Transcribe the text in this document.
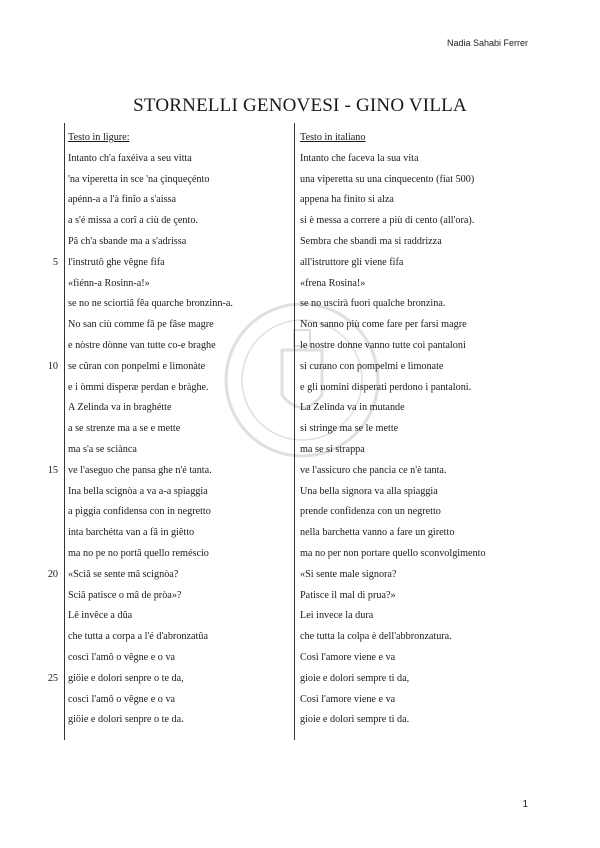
Nadia Sahabi Ferrer
STORNELLI GENOVESI - GINO VILLA
5
10
15
20
25
Testo in ligure:
Intanto ch'a faxéiva a seu vitta
'na viperetta in sce 'na çinqueçénto
apénn-a a l'à finîo a s'aissa
a s'é missa a corî a ciù de çento.
Pâ ch'a sbande ma a s'adrissa
l'instrutô ghe vêgne fifa
«fiénn-a Rosinn-a!»
se no ne sciortiâ fêa quarche bronzinn-a.
No san ciù comme fâ pe fâse magre
e nòstre dònne van tutte co-e braghe
se cûran con ponpelmi e limonàte
e i òmmi disperæ perdan e bràghe.
A Zelinda va in braghétte
a se strenze ma a se e mette
ma s'a se sciànca
ve l'aseguo che pansa ghe n'é tanta.
Ina bella scignòa a va a-a spiaggia
a piggia confidensa con in negretto
inta barchétta van a fâ in giêtto
ma no pe no portâ quello reméscio
«Sciâ se sente mâ scignòa?
Sciâ patisce o mâ de pròa»?
Lê invêce a dûa
che tutta a corpa a l'é d'abronzatûa
coscì l'amô o vêgne e o va
giöie e dolori senpre o te da,
coscì l'amô o vêgne e o va
giöie e dolori senpre o te da.
Testo in italiano
Intanto che faceva la sua vita
una viperetta su una cinquecento (fiat 500)
appena ha finito si alza
si è messa a correre a più di cento (all'ora).
Sembra che sbandi ma si raddrizza
all'istruttore gli viene fifa
«frena Rosina!»
se no uscirà fuori qualche bronzina.
Non sanno più come fare per farsi magre
le nostre donne vanno tutte coi pantaloni
si curano con pompelmi e limonate
e gli uomini disperati perdono i pantaloni.
La Zelinda va in mutande
si stringe ma se le mette
ma se si strappa
ve l'assicuro che pancia ce n'è tanta.
Una bella signora va alla spiaggia
prende confidenza con un negretto
nella barchetta vanno a fare un giretto
ma no per non portare quello sconvolgimento
«Si sente male signora?
Patisce il mal di prua?»
Lei invece la dura
che tutta la colpa è dell'abbronzatura.
Così l'amore viene e va
gioie e dolori sempre ti da,
Così l'amore viene e va
gioie e dolori sempre ti da.
1
